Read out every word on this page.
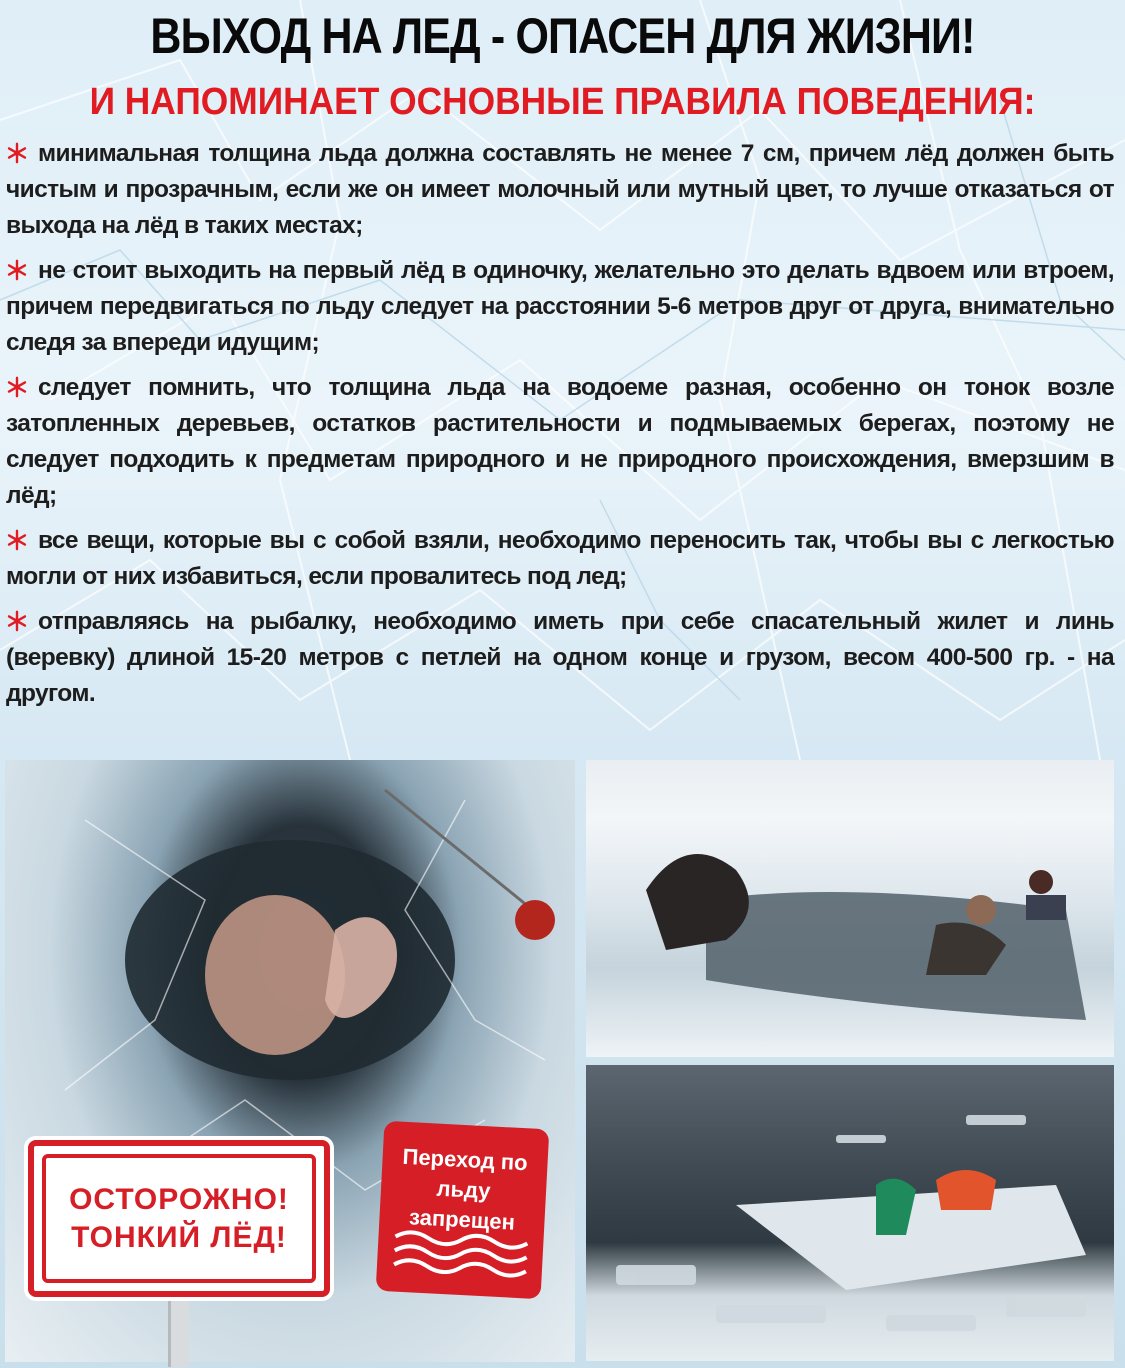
ВЫХОД НА ЛЕД - ОПАСЕН ДЛЯ ЖИЗНИ!
И НАПОМИНАЕТ ОСНОВНЫЕ ПРАВИЛА ПОВЕДЕНИЯ:

минимальная толщина льда должна составлять не менее 7 см, причем лёд должен быть чистым и прозрачным, если же он имеет молочный или мутный цвет, то лучше отказаться от выхода на лёд в таких местах;

не стоит выходить на первый лёд в одиночку, желательно это делать вдвоем или втроем, причем передвигаться по льду следует на расстоянии 5-6 метров друг от друга, внимательно следя за впереди идущим;

следует помнить, что толщина льда на водоеме разная, особенно он тонок возле затопленных деревьев, остатков растительности и подмываемых берегах, поэтому не следует подходить к предметам природного и не природного происхождения, вмерзшим в лёд;

все вещи, которые вы с собой взяли, необходимо переносить так, чтобы вы с легкостью могли от них избавиться, если провалитесь под лед;

отправляясь на рыбалку, необходимо иметь при себе спасательный жилет и линь (веревку) длиной 15-20 метров с петлей на одном конце и грузом, весом 400-500 гр. - на другом.

ОСТОРОЖНО!
ТОНКИЙ ЛЁД!
Переход по льду запрещен
